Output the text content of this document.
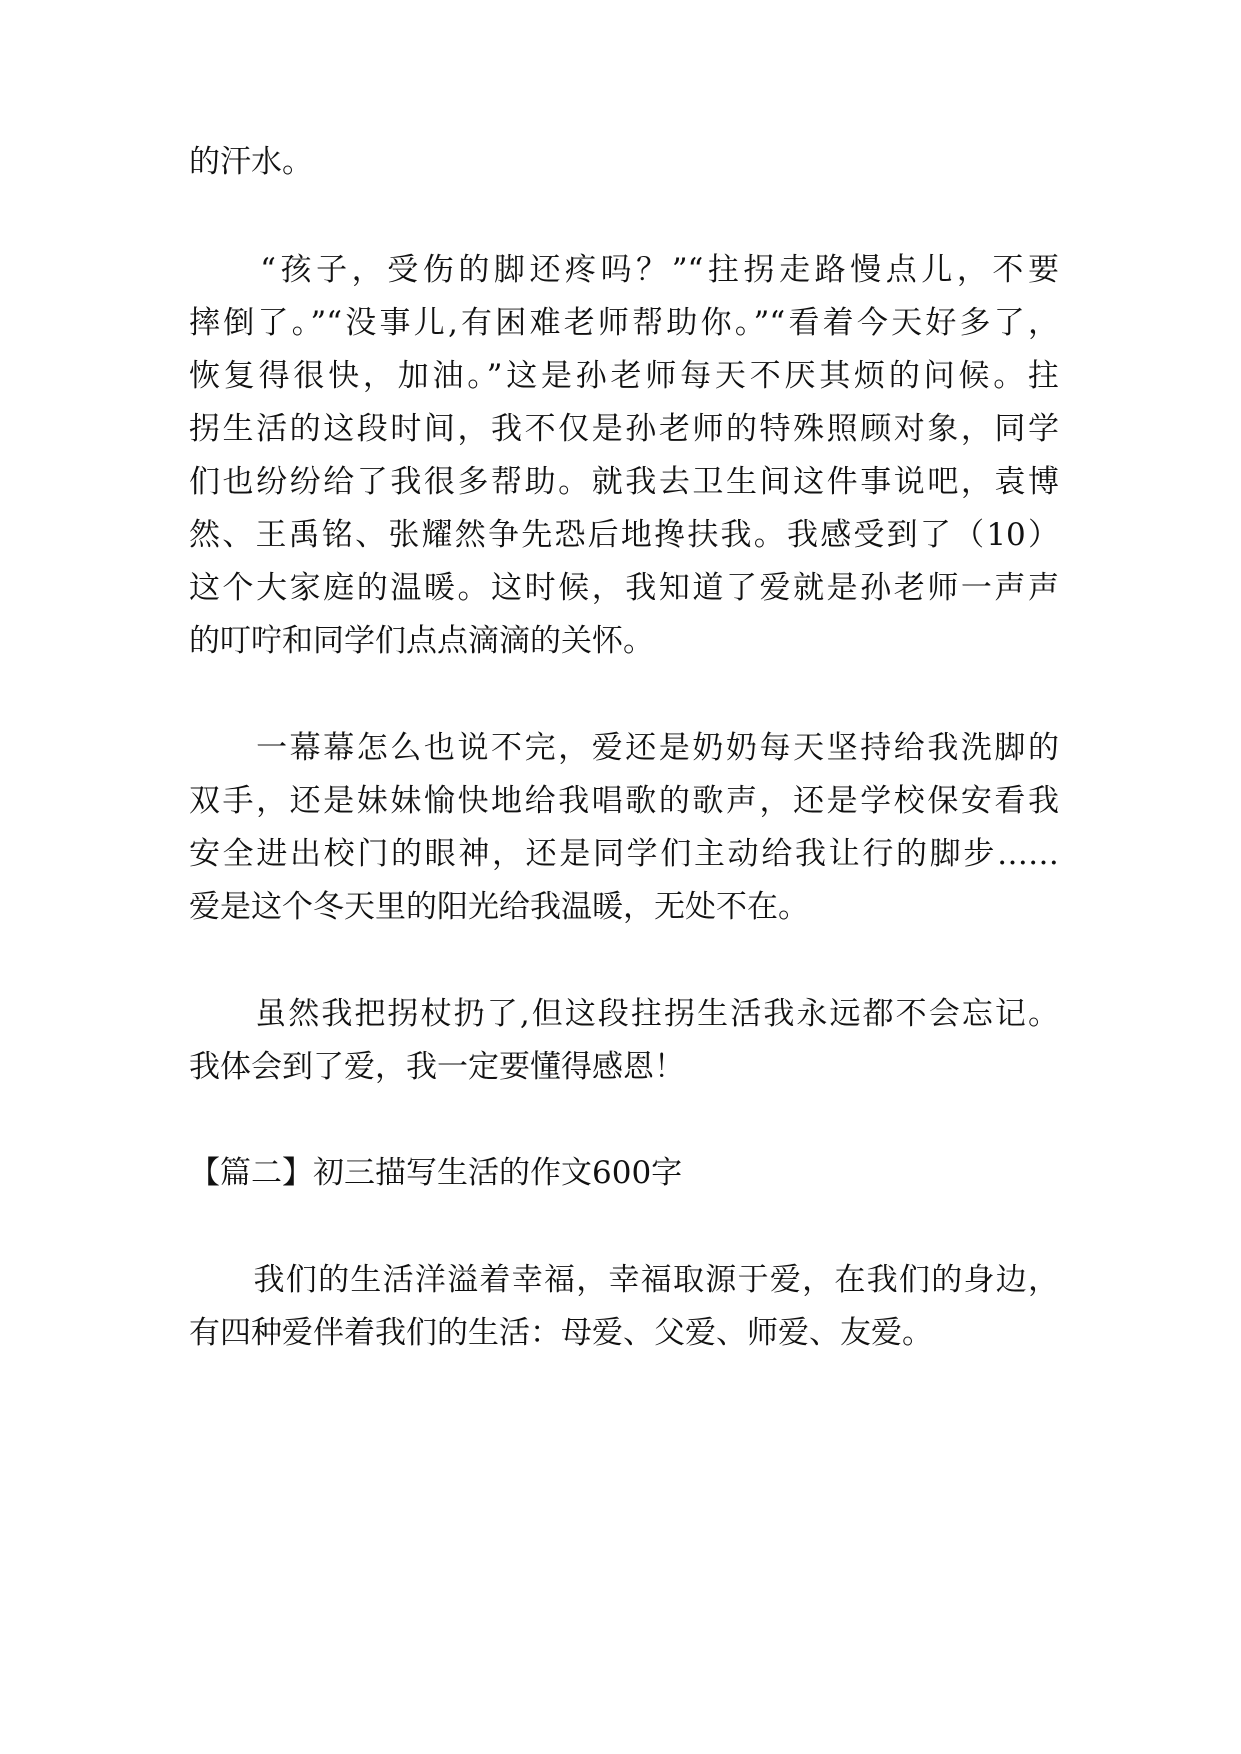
的汗水。
　　“孩子，受伤的脚还疼吗？”“拄拐走路慢点儿，不要
摔倒了。”“没事儿,有困难老师帮助你。”“看着今天好多了，
恢复得很快，加油。”这是孙老师每天不厌其烦的问候。拄
拐生活的这段时间，我不仅是孙老师的特殊照顾对象，同学
们也纷纷给了我很多帮助。就我去卫生间这件事说吧，袁博
然、王禹铭、张耀然争先恐后地搀扶我。我感受到了（10）
这个大家庭的温暖。这时候，我知道了爱就是孙老师一声声
的叮咛和同学们点点滴滴的关怀。
　　一幕幕怎么也说不完，爱还是奶奶每天坚持给我洗脚的
双手，还是妹妹愉快地给我唱歌的歌声，还是学校保安看我
安全进出校门的眼神，还是同学们主动给我让行的脚步……
爱是这个冬天里的阳光给我温暖，无处不在。
　　虽然我把拐杖扔了,但这段拄拐生活我永远都不会忘记。
我体会到了爱，我一定要懂得感恩！
【篇二】初三描写生活的作文600字
　　我们的生活洋溢着幸福，幸福取源于爱，在我们的身边，
有四种爱伴着我们的生活：母爱、父爱、师爱、友爱。
